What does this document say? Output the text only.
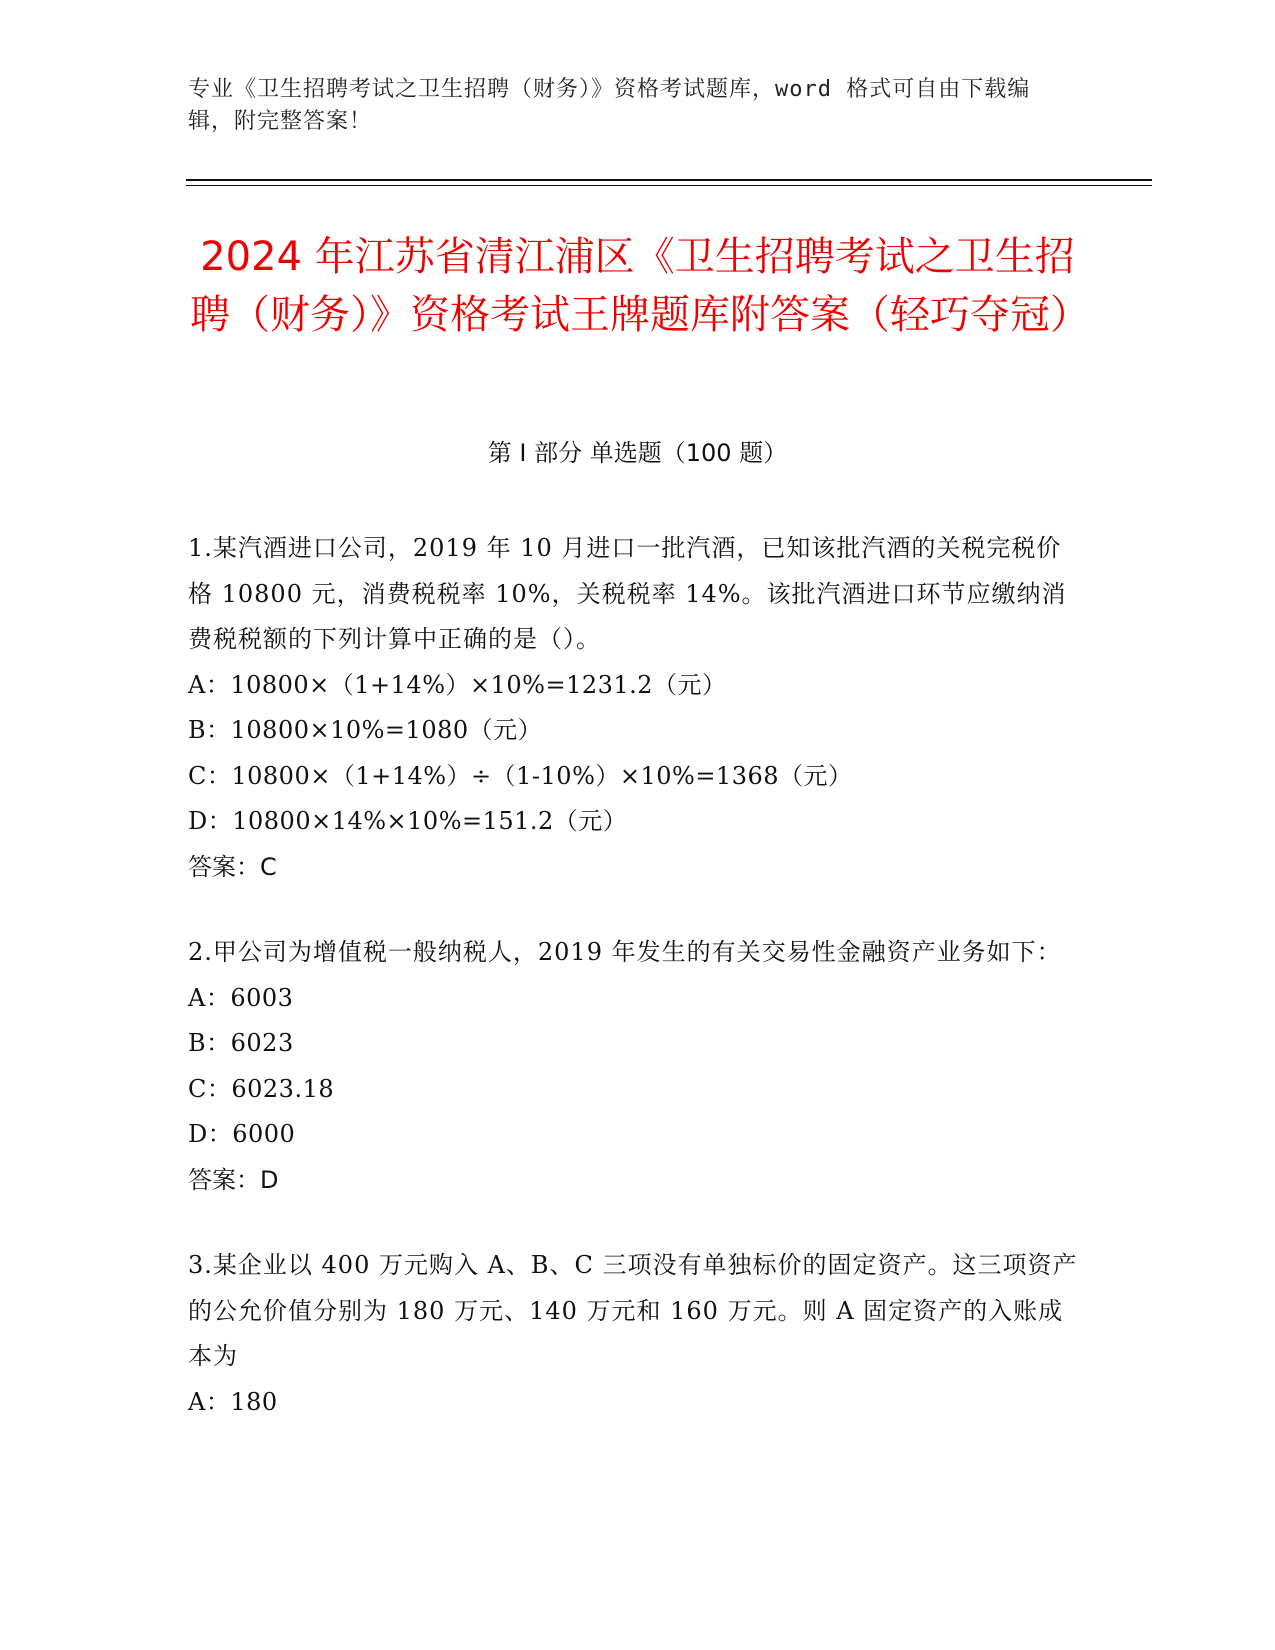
专业《卫生招聘考试之卫生招聘（财务）》资格考试题库，word 格式可自由下载编辑，附完整答案！
2024 年江苏省清江浦区《卫生招聘考试之卫生招聘（财务）》资格考试王牌题库附答案（轻巧夺冠）
第 I 部分 单选题（100 题）

1.某汽酒进口公司，2019 年 10 月进口一批汽酒，已知该批汽酒的关税完税价格 10800 元，消费税税率 10%，关税税率 14%。该批汽酒进口环节应缴纳消费税税额的下列计算中正确的是（）。

A：10800×（1+14%）×10%=1231.2（元）

B：10800×10%=1080（元）

C：10800×（1+14%）÷（1-10%）×10%=1368（元）

D：10800×14%×10%=151.2（元）

答案：C

2.甲公司为增值税一般纳税人，2019 年发生的有关交易性金融资产业务如下：

A：6003

B：6023

C：6023.18

D：6000

答案：D

3.某企业以 400 万元购入 A、B、C 三项没有单独标价的固定资产。这三项资产的公允价值分别为 180 万元、140 万元和 160 万元。则 A 固定资产的入账成本为

A：180
